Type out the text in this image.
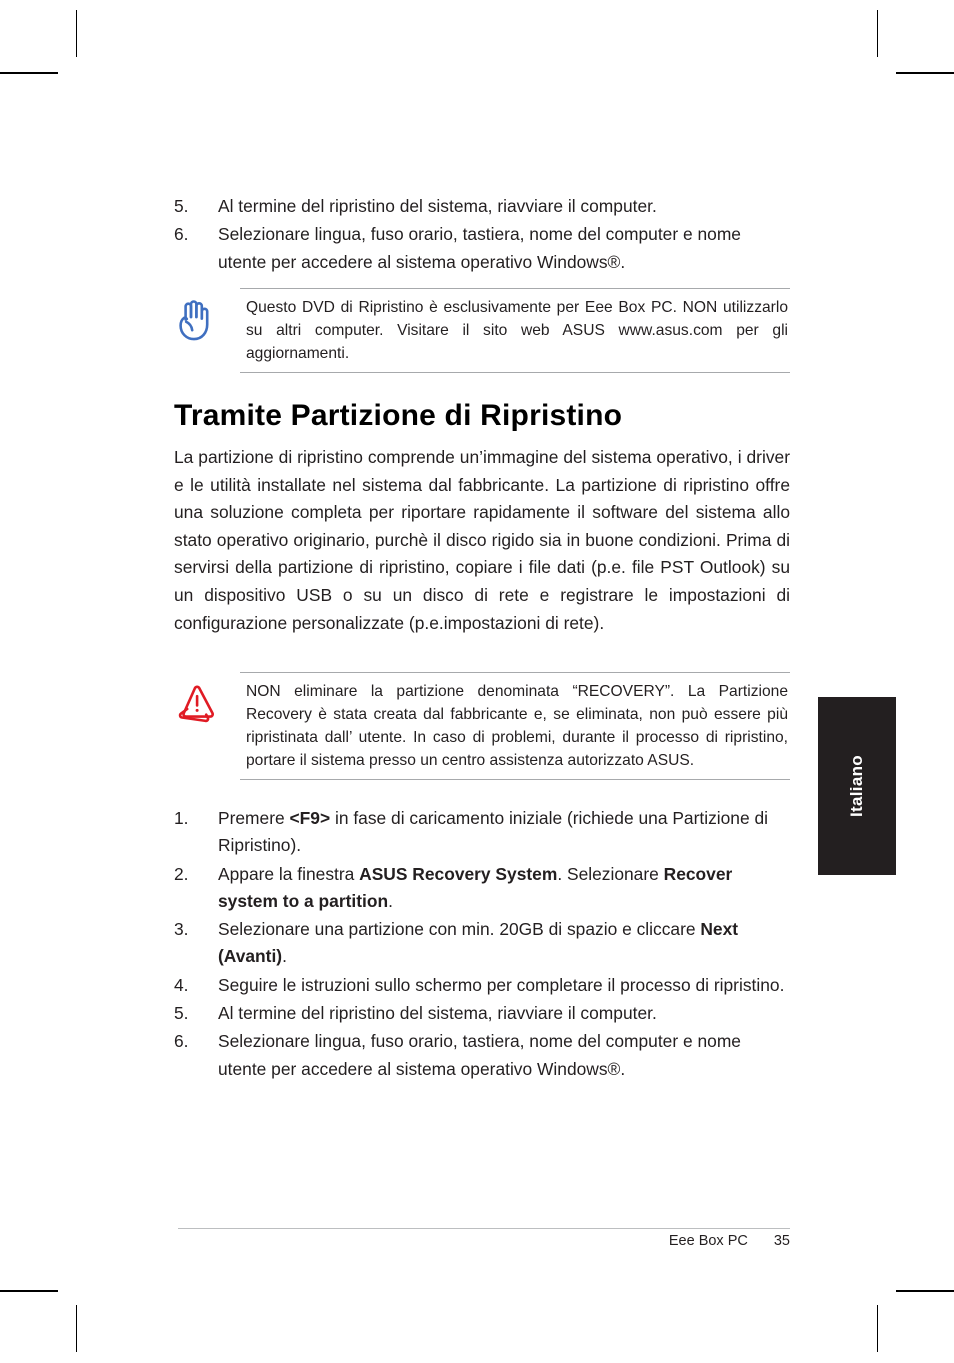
5.	Al termine del ripristino del sistema, riavviare il computer.
6.	Selezionare lingua, fuso orario, tastiera, nome del computer e nome utente per accedere al sistema operativo Windows®.
Questo DVD di Ripristino è esclusivamente per Eee Box PC. NON utilizzarlo su altri computer. Visitare il sito web ASUS www.asus.com per gli aggiornamenti.
Tramite Partizione di Ripristino
La partizione di ripristino comprende un’immagine del sistema operativo, i driver e le utilità installate nel sistema dal fabbricante. La partizione di ripristino offre una soluzione completa per riportare rapidamente il software del sistema allo stato operativo originario, purchè il disco rigido sia in buone condizioni. Prima di servirsi della partizione di ripristino, copiare i file dati (p.e. file PST Outlook) su un dispositivo USB o su un disco di rete e registrare le impostazioni di configurazione personalizzate (p.e.impostazioni di rete).
NON eliminare la partizione denominata “RECOVERY”. La Partizione Recovery è stata creata dal fabbricante e, se eliminata, non può essere più ripristinata dall’ utente. In caso di problemi, durante il processo di ripristino, portare il sistema presso un centro assistenza autorizzato ASUS.
1.	Premere <F9> in fase di caricamento iniziale (richiede una Partizione di Ripristino).
2.	Appare la finestra ASUS Recovery System. Selezionare Recover system to a partition.
3.	Selezionare una partizione con min. 20GB di spazio e cliccare Next (Avanti).
4.	Seguire le istruzioni sullo schermo per completare il processo di ripristino.
5.	Al termine del ripristino del sistema, riavviare il computer.
6.	Selezionare lingua, fuso orario, tastiera, nome del computer e nome utente per accedere al sistema operativo Windows®.
Italiano
Eee Box PC 35
